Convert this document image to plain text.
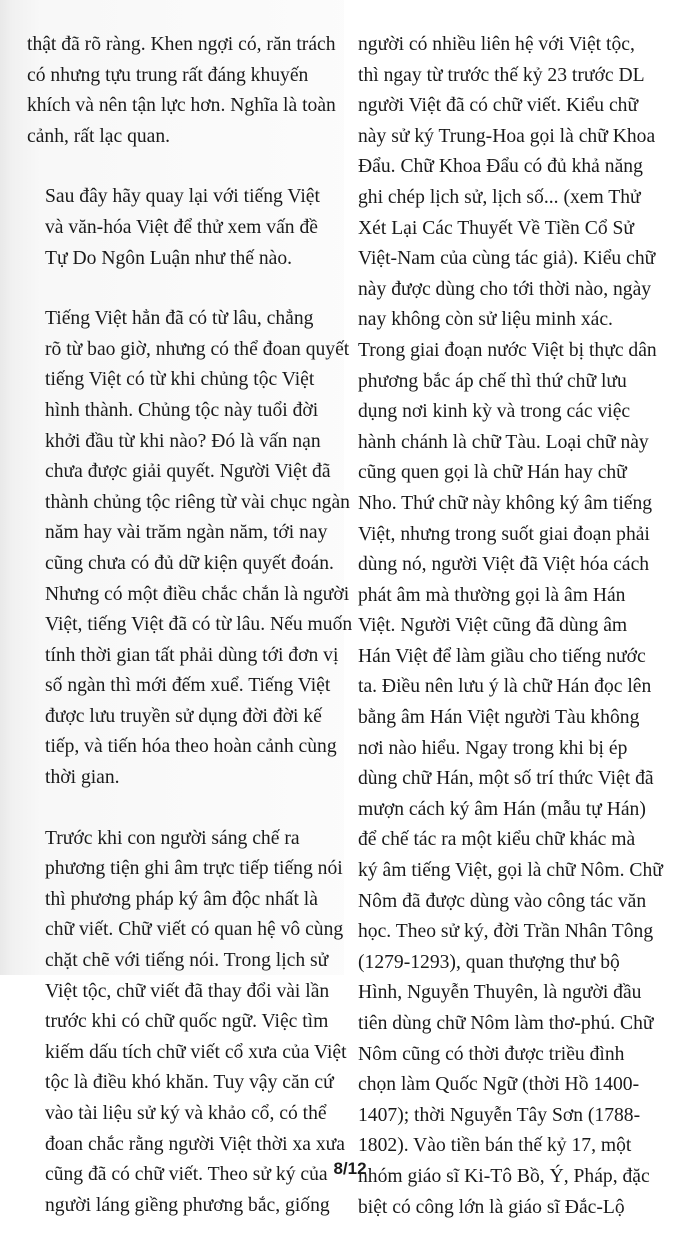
thật đã rõ ràng. Khen ngợi có, răn trách
có nhưng tựu trung rất đáng khuyến
khích và nên tận lực hơn. Nghĩa là toàn
cảnh, rất lạc quan.

Sau đây hãy quay lại với tiếng Việt
và văn-hóa Việt để thử xem vấn đề
Tự Do Ngôn Luận như thế nào.

Tiếng Việt hẳn đã có từ lâu, chẳng
rõ từ bao giờ, nhưng có thể đoan quyết
tiếng Việt có từ khi chủng tộc Việt
hình thành. Chủng tộc này tuổi đời
khởi đầu từ khi nào? Đó là vấn nạn
chưa được giải quyết. Người Việt đã
thành chủng tộc riêng từ vài chục ngàn
năm hay vài trăm ngàn năm, tới nay
cũng chưa có đủ dữ kiện quyết đoán.
Nhưng có một điều chắc chắn là người
Việt, tiếng Việt đã có từ lâu. Nếu muốn
tính thời gian tất phải dùng tới đơn vị
số ngàn thì mới đếm xuể. Tiếng Việt
được lưu truyền sử dụng đời đời kế
tiếp, và tiến hóa theo hoàn cảnh cùng
thời gian.

Trước khi con người sáng chế ra
phương tiện ghi âm trực tiếp tiếng nói
thì phương pháp ký âm độc nhất là
chữ viết. Chữ viết có quan hệ vô cùng
chặt chẽ với tiếng nói. Trong lịch sử
Việt tộc, chữ viết đã thay đổi vài lần
trước khi có chữ quốc ngữ. Việc tìm
kiếm dấu tích chữ viết cổ xưa của Việt
tộc là điều khó khăn. Tuy vậy căn cứ
vào tài liệu sử ký và khảo cổ, có thể
đoan chắc rằng người Việt thời xa xưa
cũng đã có chữ viết. Theo sử ký của
người láng giềng phương bắc, giống

người có nhiều liên hệ với Việt tộc,
thì ngay từ trước thế kỷ 23 trước DL
người Việt đã có chữ viết. Kiểu chữ
này sử ký Trung-Hoa gọi là chữ Khoa
Đẩu. Chữ Khoa Đẩu có đủ khả năng
ghi chép lịch sử, lịch số... (xem Thử
Xét Lại Các Thuyết Về Tiền Cổ Sử
Việt-Nam của cùng tác giả). Kiểu chữ
này được dùng cho tới thời nào, ngày
nay không còn sử liệu minh xác.
Trong giai đoạn nước Việt bị thực dân
phương bắc áp chế thì thứ chữ lưu
dụng nơi kinh kỳ và trong các việc
hành chánh là chữ Tàu. Loại chữ này
cũng quen gọi là chữ Hán hay chữ
Nho. Thứ chữ này không ký âm tiếng
Việt, nhưng trong suốt giai đoạn phải
dùng nó, người Việt đã Việt hóa cách
phát âm mà thường gọi là âm Hán
Việt. Người Việt cũng đã dùng âm
Hán Việt để làm giầu cho tiếng nước
ta. Điều nên lưu ý là chữ Hán đọc lên
bằng âm Hán Việt người Tàu không
nơi nào hiểu. Ngay trong khi bị ép
dùng chữ Hán, một số trí thức Việt đã
mượn cách ký âm Hán (mẫu tự Hán)
để chế tác ra một kiểu chữ khác mà
ký âm tiếng Việt, gọi là chữ Nôm. Chữ
Nôm đã được dùng vào công tác văn
học. Theo sử ký, đời Trần Nhân Tông
(1279-1293), quan thượng thư bộ
Hình, Nguyễn Thuyên, là người đầu
tiên dùng chữ Nôm làm thơ-phú. Chữ
Nôm cũng có thời được triều đình
chọn làm Quốc Ngữ (thời Hồ 1400-
1407); thời Nguyễn Tây Sơn (1788-
1802). Vào tiền bán thế kỷ 17, một
nhóm giáo sĩ Ki-Tô Bồ, Ý, Pháp, đặc
biệt có công lớn là giáo sĩ Đắc-Lộ

8/12
